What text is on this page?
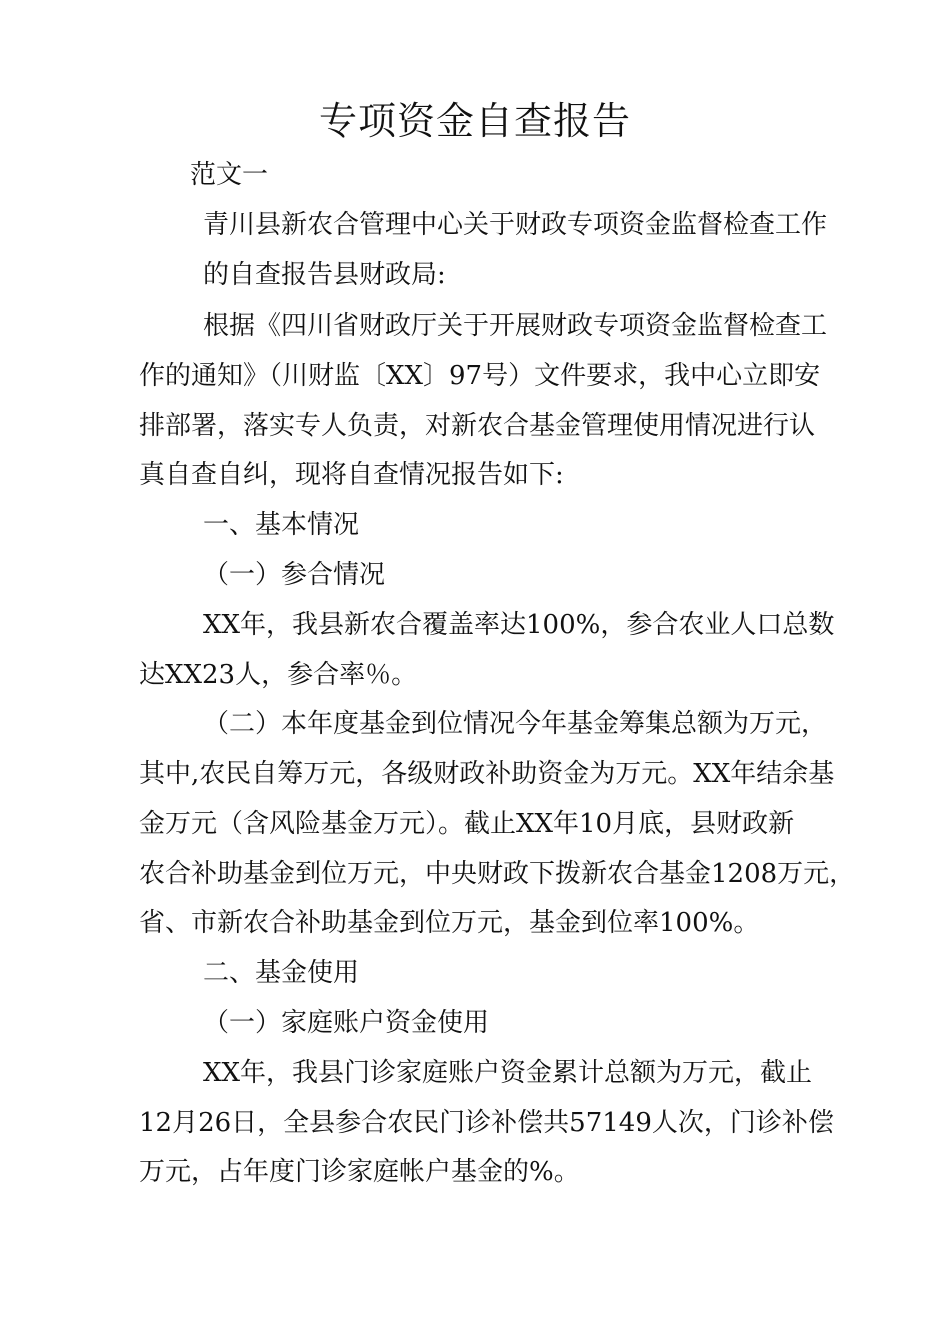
专项资金自查报告

范文一

青川县新农合管理中心关于财政专项资金监督检查工作

的自查报告县财政局:

根据《四川省财政厅关于开展财政专项资金监督检查工

作的通知》（川财监〔XX〕97号）文件要求，我中心立即安

排部署，落实专人负责，对新农合基金管理使用情况进行认

真自查自纠，现将自查情况报告如下:

一、基本情况

（一）参合情况

XX年，我县新农合覆盖率达100%，参合农业人口总数

达XX23人，参合率％。

（二）本年度基金到位情况今年基金筹集总额为万元，

其中,农民自筹万元，各级财政补助资金为万元。XX年结余基

金万元（含风险基金万元）。截止XX年10月底，县财政新

农合补助基金到位万元，中央财政下拨新农合基金1208万元，

省、市新农合补助基金到位万元，基金到位率100%。

二、基金使用

（一）家庭账户资金使用

XX年，我县门诊家庭账户资金累计总额为万元，截止

12月26日，全县参合农民门诊补偿共57149人次，门诊补偿

万元，占年度门诊家庭帐户基金的%。
